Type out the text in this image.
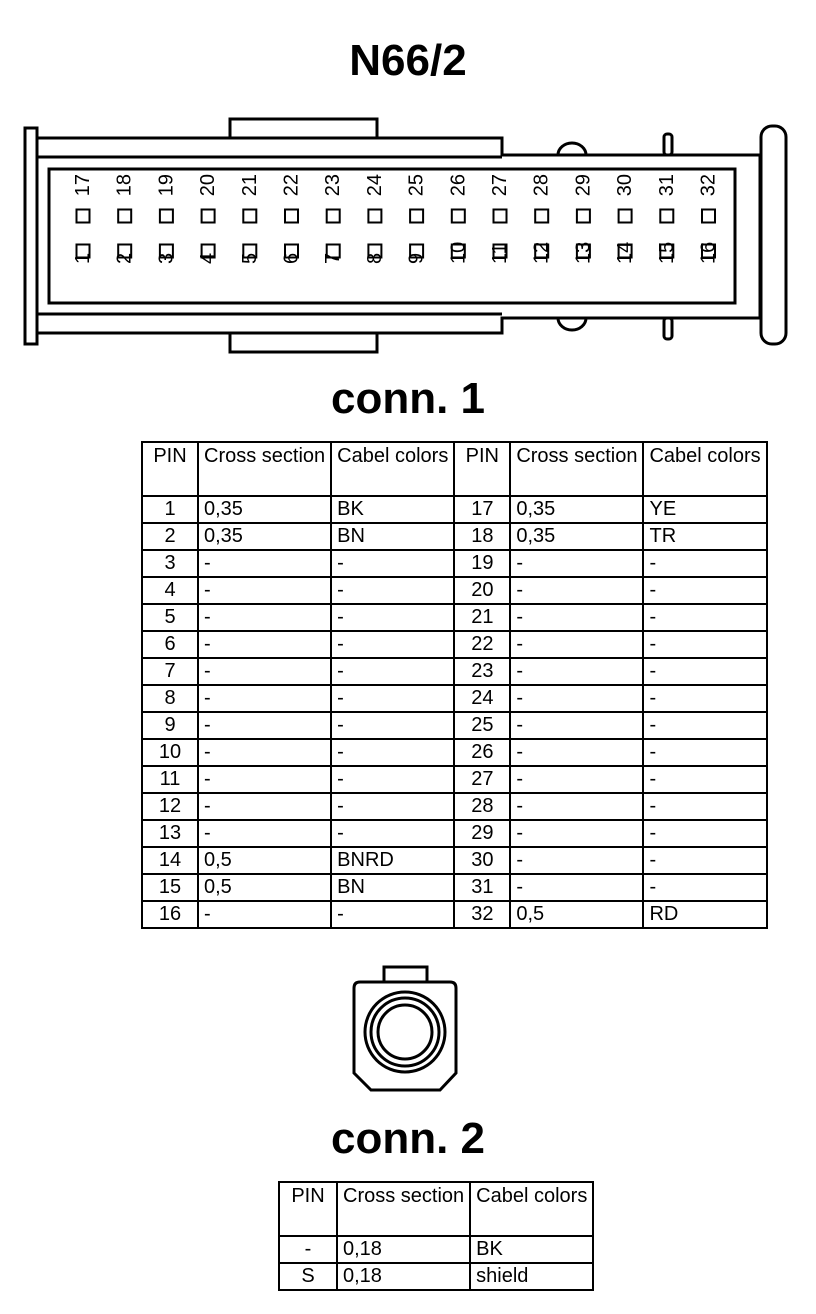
N66/2
17 18 19 20 21 22 23 24 25 26 27 28 29 30 31 32
1 2 3 4 5 6 7 8 9 10 11 12 13 14 15 16
conn. 1
PIN	Cross section	Cabel colors	PIN	Cross section	Cabel colors
1	0,35	BK	17	0,35	YE
2	0,35	BN	18	0,35	TR
3	-	-	19	-	-
4	-	-	20	-	-
5	-	-	21	-	-
6	-	-	22	-	-
7	-	-	23	-	-
8	-	-	24	-	-
9	-	-	25	-	-
10	-	-	26	-	-
11	-	-	27	-	-
12	-	-	28	-	-
13	-	-	29	-	-
14	0,5	BNRD	30	-	-
15	0,5	BN	31	-	-
16	-	-	32	0,5	RD
conn. 2
PIN	Cross section	Cabel colors
-	0,18	BK
S	0,18	shield
